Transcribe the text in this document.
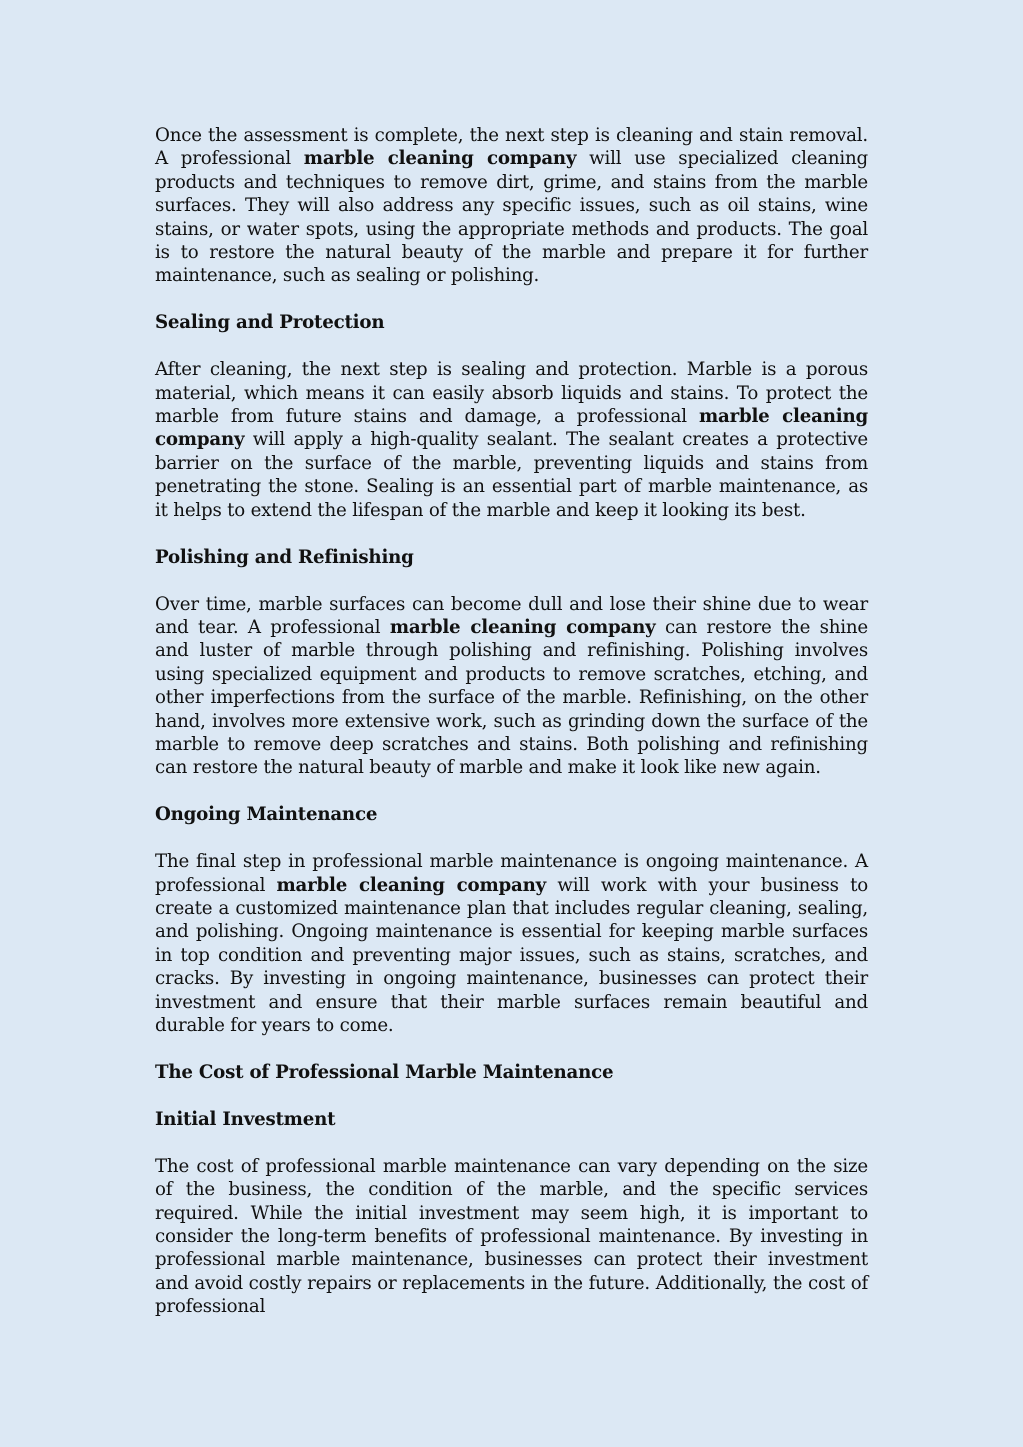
Once the assessment is complete, the next step is cleaning and stain removal. A professional marble cleaning company will use specialized cleaning products and techniques to remove dirt, grime, and stains from the marble surfaces. They will also address any specific issues, such as oil stains, wine stains, or water spots, using the appropriate methods and products. The goal is to restore the natural beauty of the marble and prepare it for further maintenance, such as sealing or polishing.

Sealing and Protection

After cleaning, the next step is sealing and protection. Marble is a porous material, which means it can easily absorb liquids and stains. To protect the marble from future stains and damage, a professional marble cleaning company will apply a high-quality sealant. The sealant creates a protective barrier on the surface of the marble, preventing liquids and stains from penetrating the stone. Sealing is an essential part of marble maintenance, as it helps to extend the lifespan of the marble and keep it looking its best.

Polishing and Refinishing

Over time, marble surfaces can become dull and lose their shine due to wear and tear. A professional marble cleaning company can restore the shine and luster of marble through polishing and refinishing. Polishing involves using specialized equipment and products to remove scratches, etching, and other imperfections from the surface of the marble. Refinishing, on the other hand, involves more extensive work, such as grinding down the surface of the marble to remove deep scratches and stains. Both polishing and refinishing can restore the natural beauty of marble and make it look like new again.

Ongoing Maintenance

The final step in professional marble maintenance is ongoing maintenance. A professional marble cleaning company will work with your business to create a customized maintenance plan that includes regular cleaning, sealing, and polishing. Ongoing maintenance is essential for keeping marble surfaces in top condition and preventing major issues, such as stains, scratches, and cracks. By investing in ongoing maintenance, businesses can protect their investment and ensure that their marble surfaces remain beautiful and durable for years to come.

The Cost of Professional Marble Maintenance
Initial Investment

The cost of professional marble maintenance can vary depending on the size of the business, the condition of the marble, and the specific services required. While the initial investment may seem high, it is important to consider the long-term benefits of professional maintenance. By investing in professional marble maintenance, businesses can protect their investment and avoid costly repairs or replacements in the future. Additionally, the cost of professional
